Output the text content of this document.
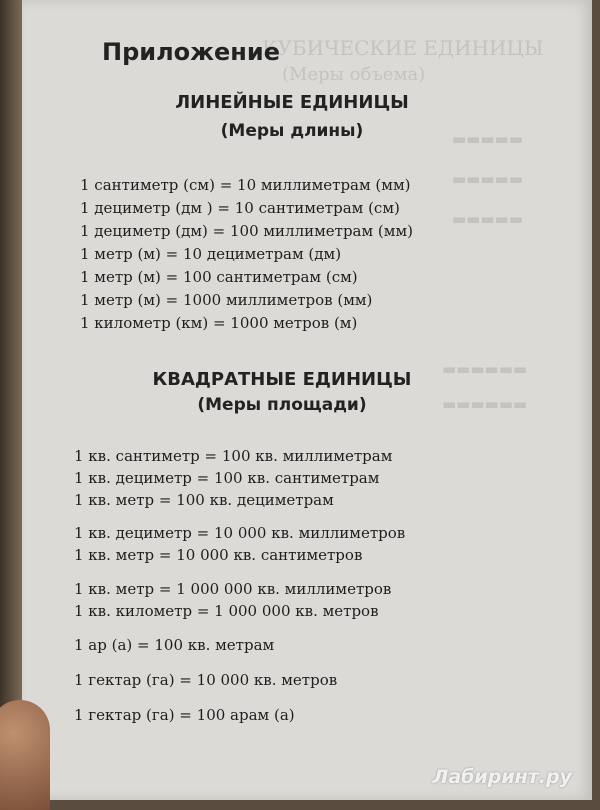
КУБИЧЕСКИЕ ЕДИНИЦЫ
(Меры объема)
▬▬▬▬▬
▬▬▬▬▬
▬▬▬▬▬
▬▬▬▬▬▬
▬▬▬▬▬▬
Приложение
ЛИНЕЙНЫЕ ЕДИНИЦЫ
(Меры длины)

1 сантиметр (см) = 10 миллиметрам (мм)

1 дециметр (дм ) = 10 сантиметрам (см)

1 дециметр (дм) = 100 миллиметрам (мм)

1 метр (м) = 10 дециметрам (дм)

1 метр (м) = 100 сантиметрам (см)

1 метр (м) = 1000 миллиметров (мм)

1 километр (км) = 1000 метров (м)

КВАДРАТНЫЕ ЕДИНИЦЫ
(Меры площади)

1 кв. сантиметр = 100 кв. миллиметрам

1 кв. дециметр = 100 кв. сантиметрам

1 кв. метр = 100 кв. дециметрам

1 кв. дециметр = 10 000 кв. миллиметров

1 кв. метр = 10 000 кв. сантиметров

1 кв. метр = 1 000 000 кв. миллиметров

1 кв. километр = 1 000 000 кв. метров

1 ар (а) = 100 кв. метрам

1 гектар (га) = 10 000 кв. метров

1 гектар (га) = 100 арам (а)

Лабиринт.ру
